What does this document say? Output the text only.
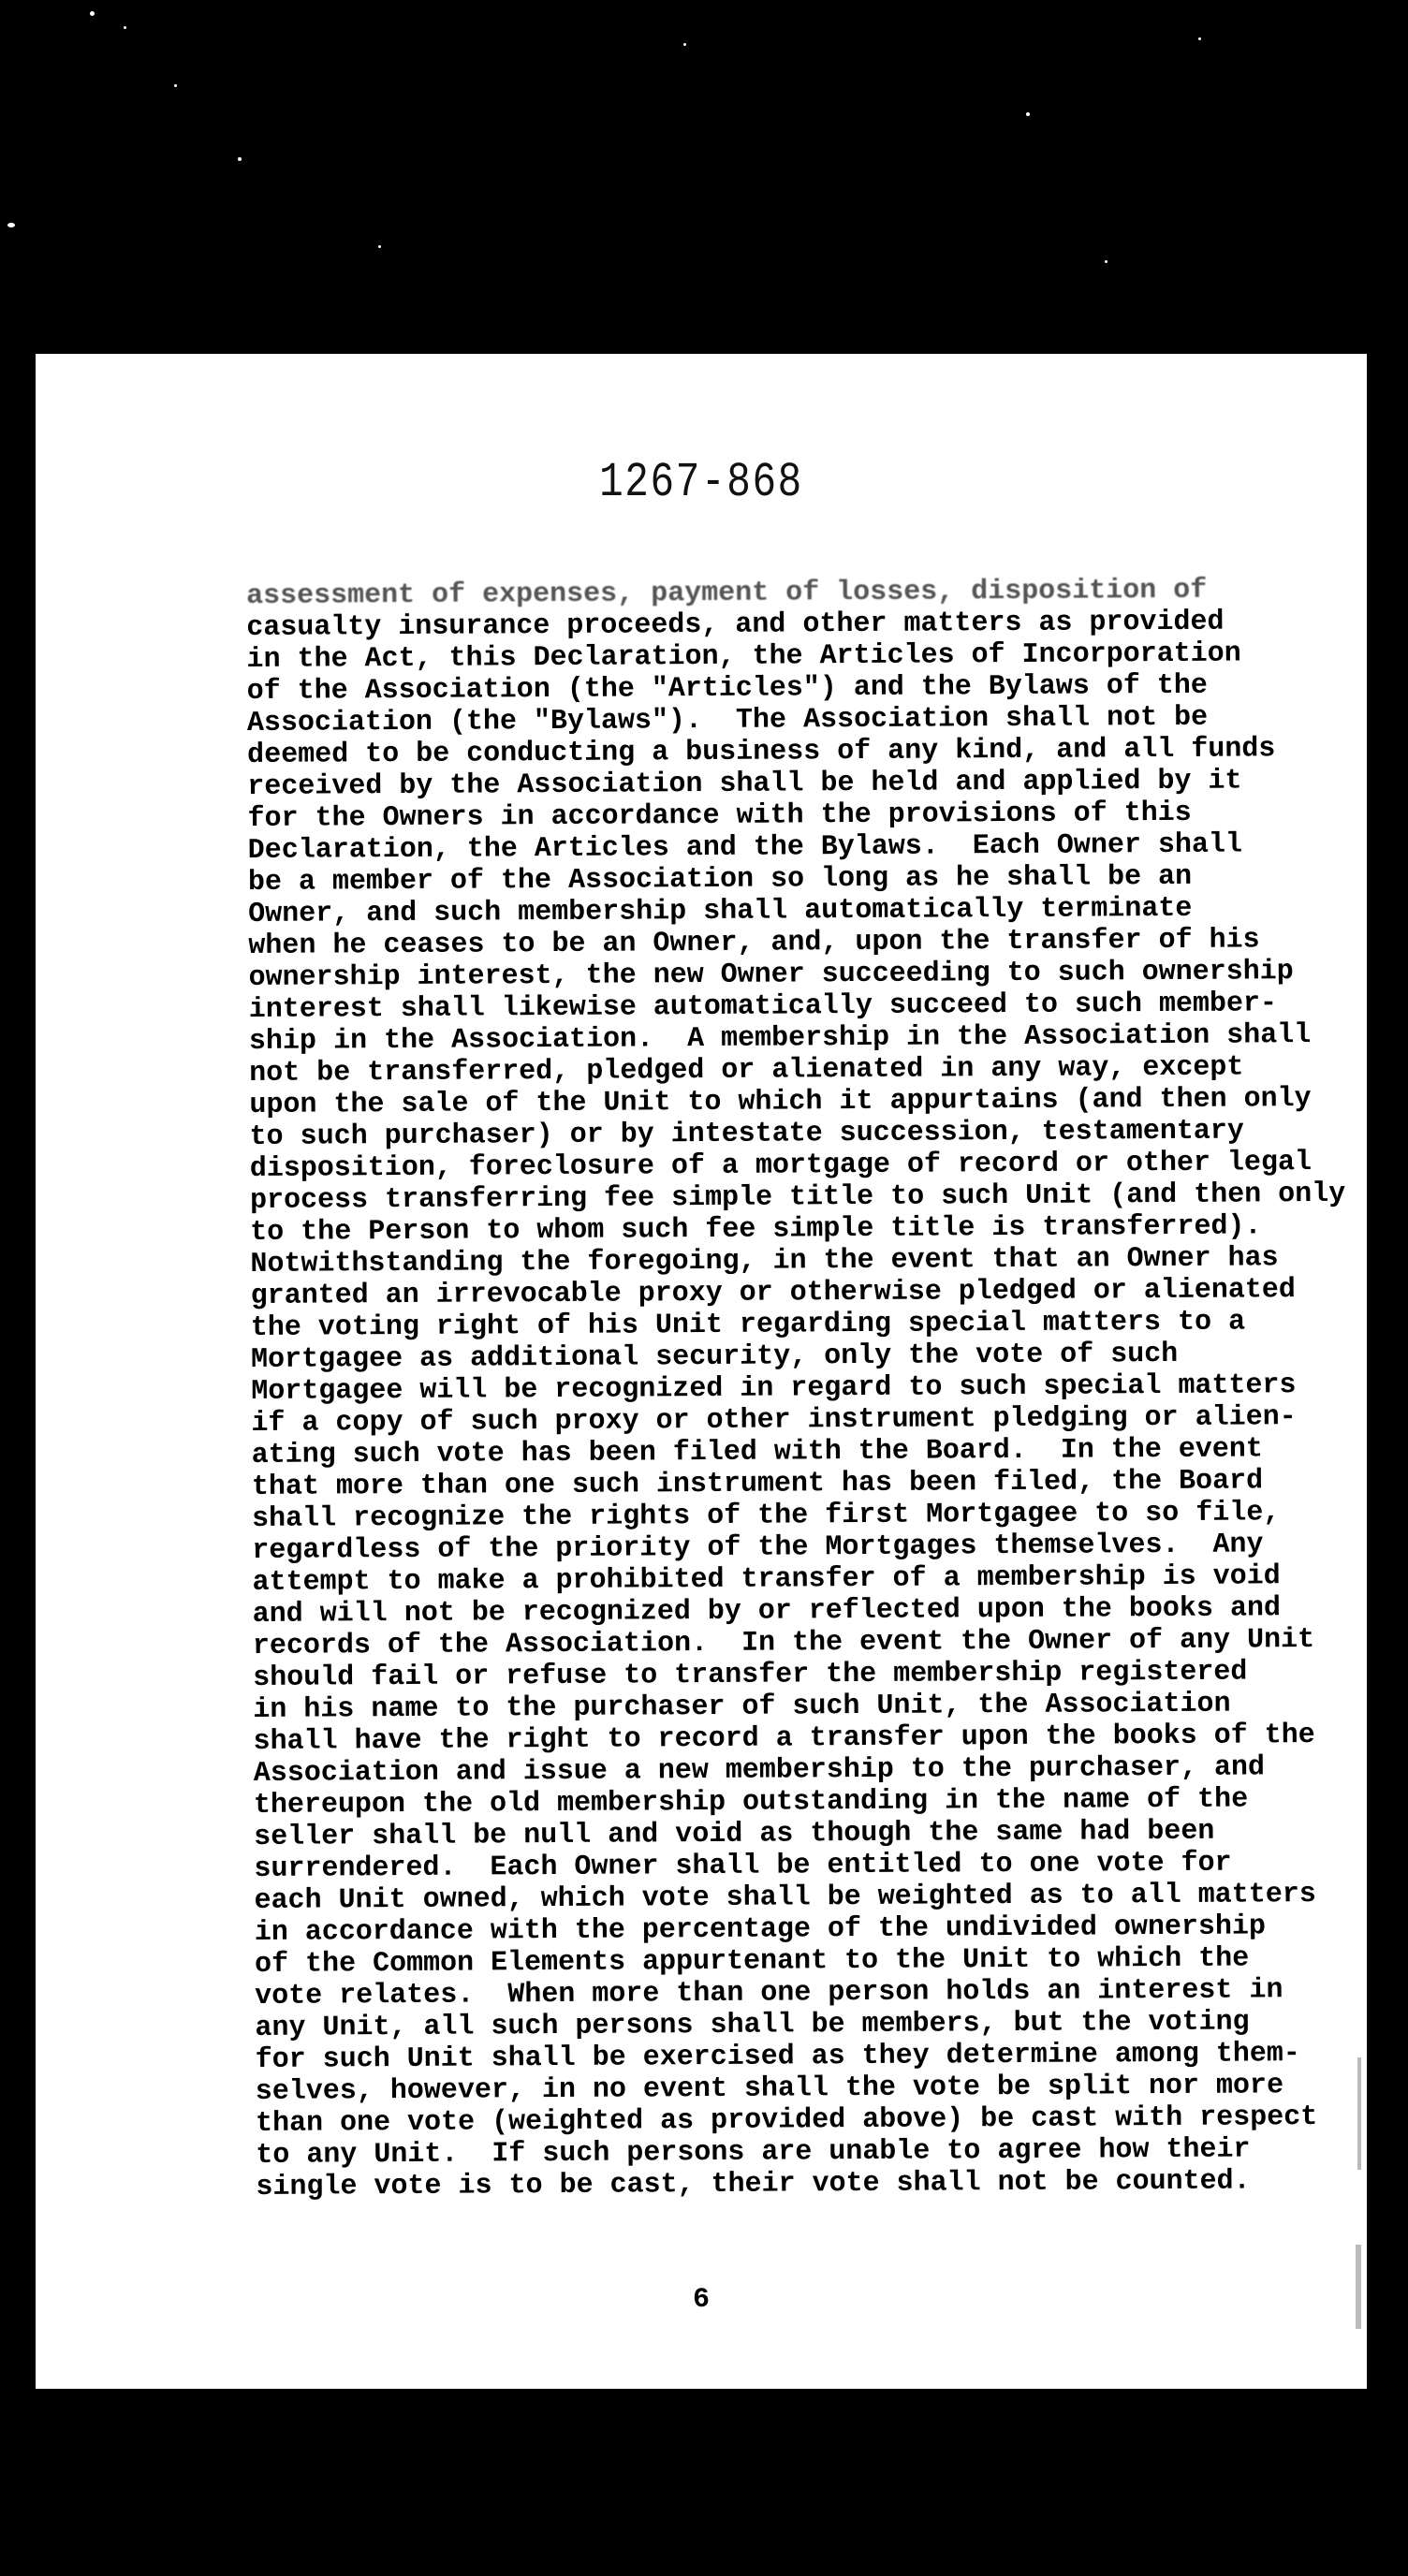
1267-868
assessment of expenses, payment of losses, disposition of
casualty insurance proceeds, and other matters as provided
in the Act, this Declaration, the Articles of Incorporation
of the Association (the "Articles") and the Bylaws of the
Association (the "Bylaws").  The Association shall not be
deemed to be conducting a business of any kind, and all funds
received by the Association shall be held and applied by it
for the Owners in accordance with the provisions of this
Declaration, the Articles and the Bylaws.  Each Owner shall
be a member of the Association so long as he shall be an
Owner, and such membership shall automatically terminate
when he ceases to be an Owner, and, upon the transfer of his
ownership interest, the new Owner succeeding to such ownership
interest shall likewise automatically succeed to such member-
ship in the Association.  A membership in the Association shall
not be transferred, pledged or alienated in any way, except
upon the sale of the Unit to which it appurtains (and then only
to such purchaser) or by intestate succession, testamentary
disposition, foreclosure of a mortgage of record or other legal
process transferring fee simple title to such Unit (and then only
to the Person to whom such fee simple title is transferred).
Notwithstanding the foregoing, in the event that an Owner has
granted an irrevocable proxy or otherwise pledged or alienated
the voting right of his Unit regarding special matters to a
Mortgagee as additional security, only the vote of such
Mortgagee will be recognized in regard to such special matters
if a copy of such proxy or other instrument pledging or alien-
ating such vote has been filed with the Board.  In the event
that more than one such instrument has been filed, the Board
shall recognize the rights of the first Mortgagee to so file,
regardless of the priority of the Mortgages themselves.  Any
attempt to make a prohibited transfer of a membership is void
and will not be recognized by or reflected upon the books and
records of the Association.  In the event the Owner of any Unit
should fail or refuse to transfer the membership registered
in his name to the purchaser of such Unit, the Association
shall have the right to record a transfer upon the books of the
Association and issue a new membership to the purchaser, and
thereupon the old membership outstanding in the name of the
seller shall be null and void as though the same had been
surrendered.  Each Owner shall be entitled to one vote for
each Unit owned, which vote shall be weighted as to all matters
in accordance with the percentage of the undivided ownership
of the Common Elements appurtenant to the Unit to which the
vote relates.  When more than one person holds an interest in
any Unit, all such persons shall be members, but the voting
for such Unit shall be exercised as they determine among them-
selves, however, in no event shall the vote be split nor more
than one vote (weighted as provided above) be cast with respect
to any Unit.  If such persons are unable to agree how their
single vote is to be cast, their vote shall not be counted.
6
